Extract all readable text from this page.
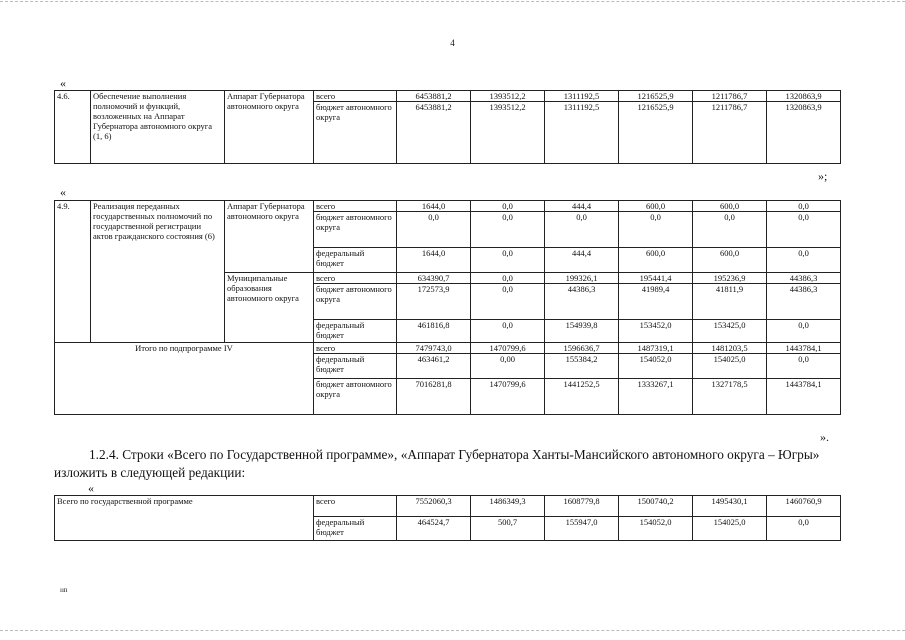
4
«
4.6.	Обеспечение выполнения полномочий и функций, возложенных на Аппарат Губернатора автономного округа (1, 6)	Аппарат Губернатора автономного округа	всего	6453881,2	1393512,2	1311192,5	1216525,9	1211786,7	1320863,9
			бюджет автономного округа	6453881,2	1393512,2	1311192,5	1216525,9	1211786,7	1320863,9
»;
«
4.9.	Реализация переданных государственных полномочий по государственной регистрации актов гражданского состояния (6)	Аппарат Губернатора автономного округа	всего	1644,0	0,0	444,4	600,0	600,0	0,0
			бюджет автономного округа	0,0	0,0	0,0	0,0	0,0	0,0
			федеральный бюджет	1644,0	0,0	444,4	600,0	600,0	0,0
		Муниципальные образования автономного округа	всего	634390,7	0,0	199326,1	195441,4	195236,9	44386,3
			бюджет автономного округа	172573,9	0,0	44386,3	41989,4	41811,9	44386,3
			федеральный бюджет	461816,8	0,0	154939,8	153452,0	153425,0	0,0
Итого по подпрограмме IV			всего	7479743,0	1470799,6	1596636,7	1487319,1	1481203,5	1443784,1
			федеральный бюджет	463461,2	0,00	155384,2	154052,0	154025,0	0,0
			бюджет автономного округа	7016281,8	1470799,6	1441252,5	1333267,1	1327178,5	1443784,1
».
1.2.4. Строки «Всего по Государственной программе», «Аппарат Губернатора Ханты-Мансийского автономного округа – Югры» изложить в следующей редакции:
«
Всего по государственной программе	всего	7552060,3	1486349,3	1608779,8	1500740,2	1495430,1	1460760,9
	федеральный бюджет	464524,7	500,7	155947,0	154052,0	154025,0	0,0
ıın
